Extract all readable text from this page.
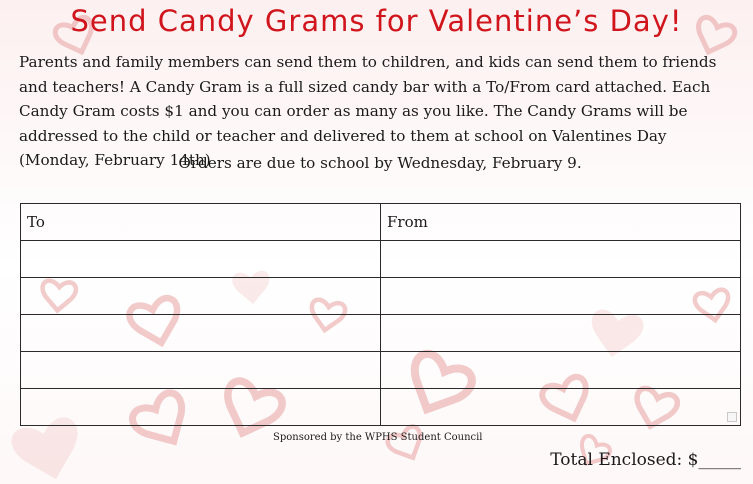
Send Candy Grams for Valentine’s Day!

Parents and family members can send them to children, and kids can send them to friends and teachers! A Candy Gram is a full sized candy bar with a To/From card attached. Each Candy Gram costs $1 and you can order as many as you like. The Candy Grams will be addressed to the child or teacher and delivered to them at school on Valentines Day (Monday, February 14th)

Orders are due to school by Wednesday, February 9.

To	From

Sponsored by the WPHS Student Council
Total Enclosed: $_____
